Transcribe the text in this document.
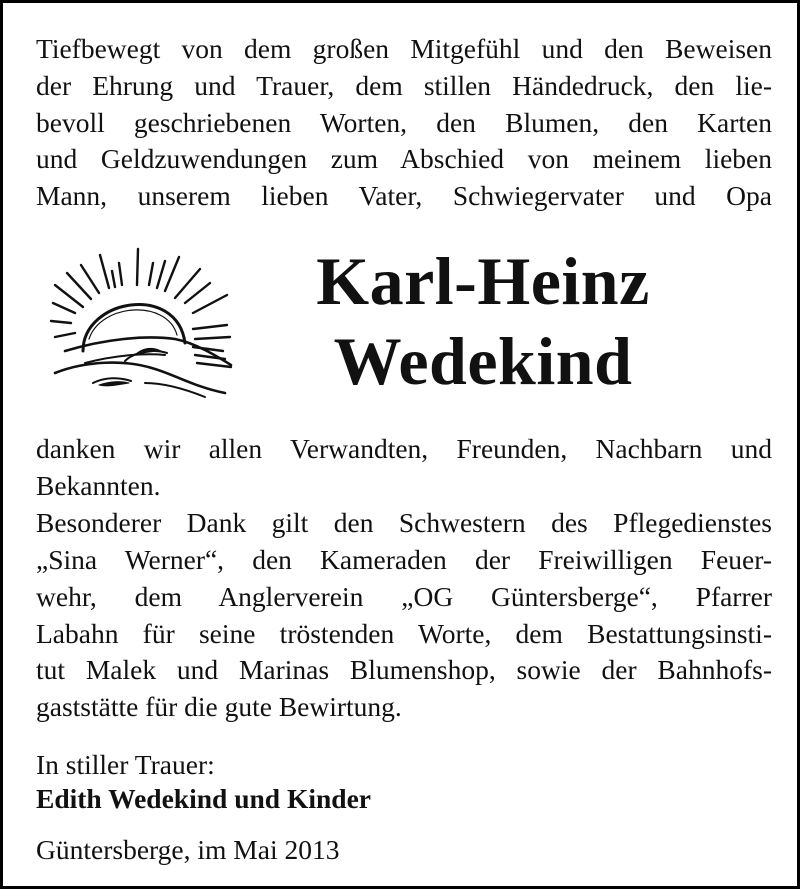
Tiefbewegt von dem großen Mitgefühl und den Beweisen
der Ehrung und Trauer, dem stillen Händedruck, den lie-
bevoll geschriebenen Worten, den Blumen, den Karten
und Geldzuwendungen zum Abschied von meinem lieben
Mann, unserem lieben Vater, Schwiegervater und Opa
Karl-Heinz
Wedekind
danken wir allen Verwandten, Freunden, Nachbarn und
Bekannten.
Besonderer Dank gilt den Schwestern des Pflegedienstes
„Sina Werner“, den Kameraden der Freiwilligen Feuer-
wehr, dem Anglerverein „OG Güntersberge“, Pfarrer
Labahn für seine tröstenden Worte, dem Bestattungsinsti-
tut Malek und Marinas Blumenshop, sowie der Bahnhofs-
gaststätte für die gute Bewirtung.
In stiller Trauer:
Edith Wedekind und Kinder
Güntersberge, im Mai 2013
